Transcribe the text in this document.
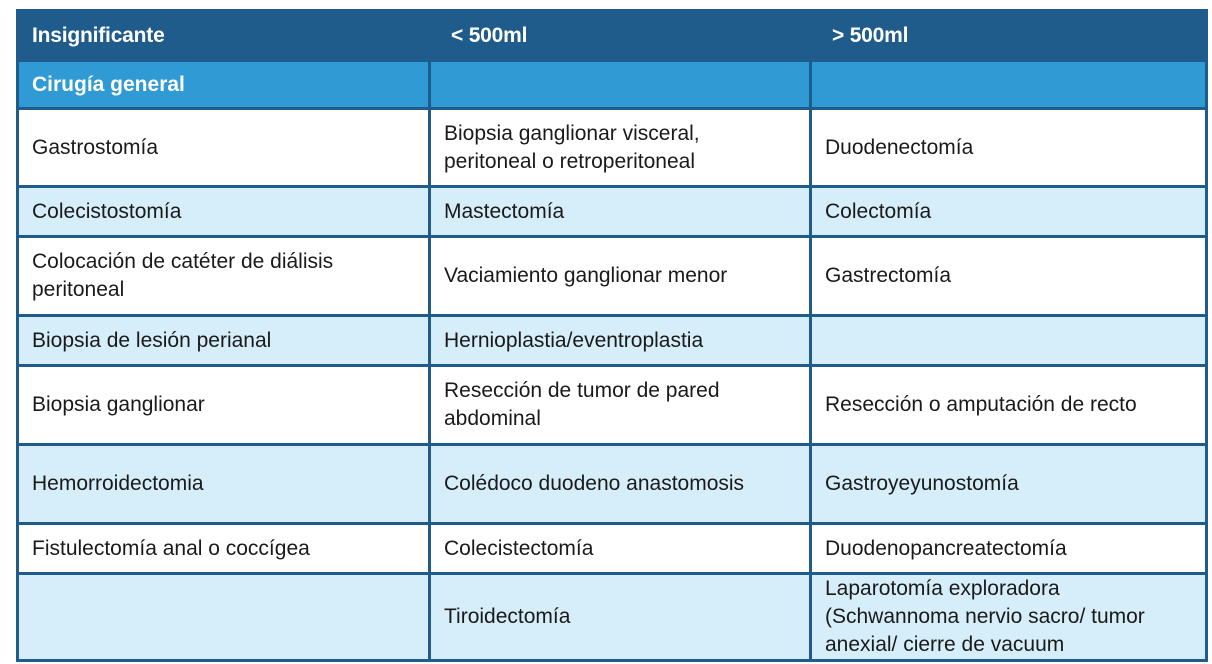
Insignificante	< 500ml	> 500ml
Cirugía general		
Gastrostomía	Biopsia ganglionar visceral, peritoneal o retroperitoneal	Duodenectomía
Colecistostomía	Mastectomía	Colectomía
Colocación de catéter de diálisis peritoneal	Vaciamiento ganglionar menor	Gastrectomía
Biopsia de lesión perianal	Hernioplastia/eventroplastia	
Biopsia ganglionar	Resección de tumor de pared abdominal	Resección o amputación de recto
Hemorroidectomia	Colédoco duodeno anastomosis	Gastroyeyunostomía
Fistulectomía anal o coccígea	Colecistectomía	Duodenopancreatectomía
	Tiroidectomía	Laparotomía exploradora (Schwannoma nervio sacro/ tumor anexial/ cierre de vacuum
